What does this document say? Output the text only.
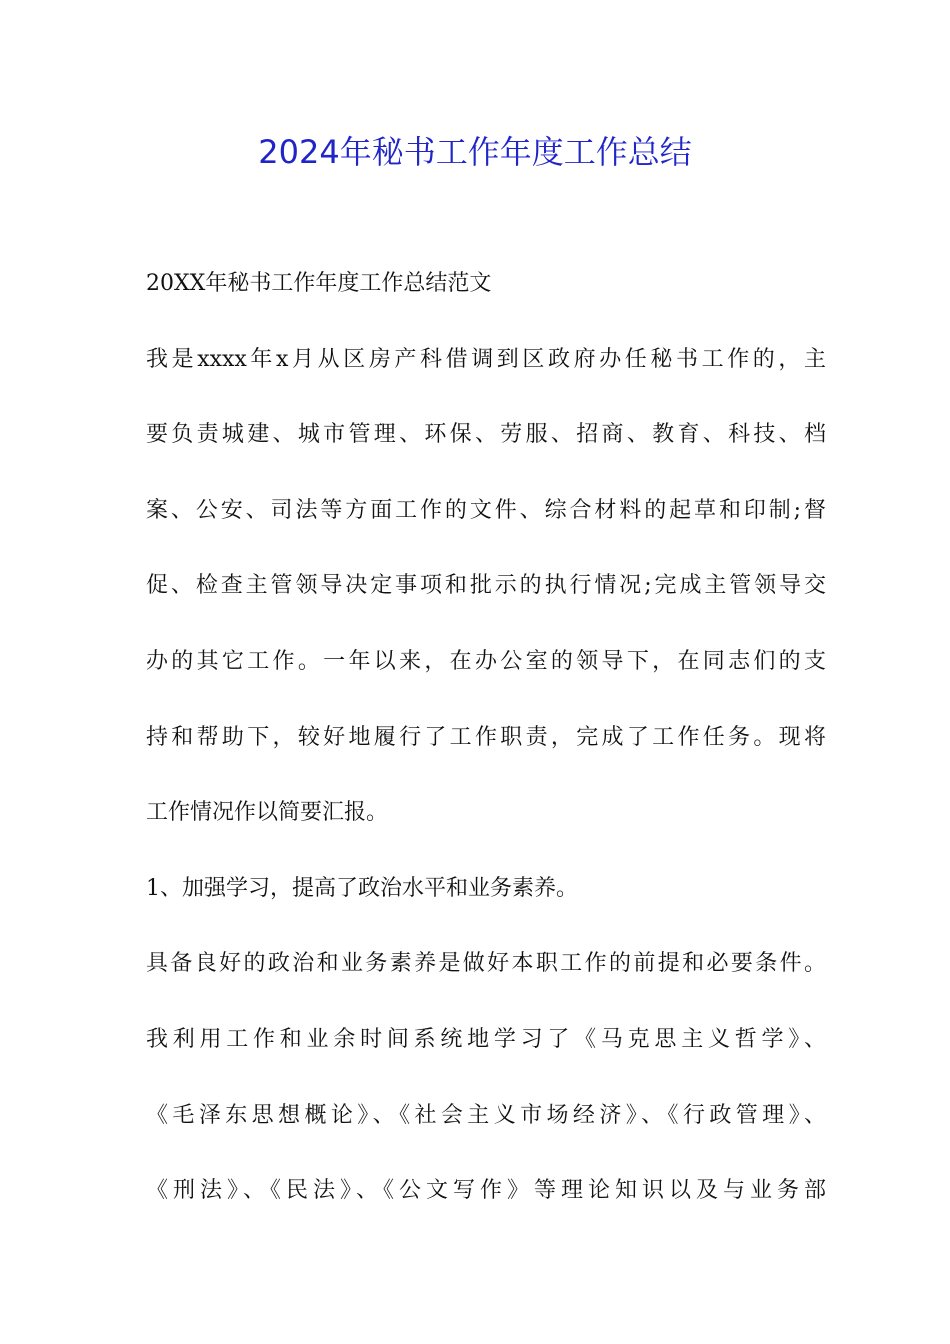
2024年秘书工作年度工作总结
20XX年秘书工作年度工作总结范文
我是xxxx年x月从区房产科借调到区政府办任秘书工作的，主
要负责城建、城市管理、环保、劳服、招商、教育、科技、档
案、公安、司法等方面工作的文件、综合材料的起草和印制;督
促、检查主管领导决定事项和批示的执行情况;完成主管领导交
办的其它工作。一年以来，在办公室的领导下，在同志们的支
持和帮助下，较好地履行了工作职责，完成了工作任务。现将
工作情况作以简要汇报。
1、加强学习，提高了政治水平和业务素养。
具备良好的政治和业务素养是做好本职工作的前提和必要条件。
我利用工作和业余时间系统地学习了《马克思主义哲学》、
《毛泽东思想概论》、《社会主义市场经济》、《行政管理》、
《刑法》、《民法》、《公文写作》等理论知识以及与业务部
